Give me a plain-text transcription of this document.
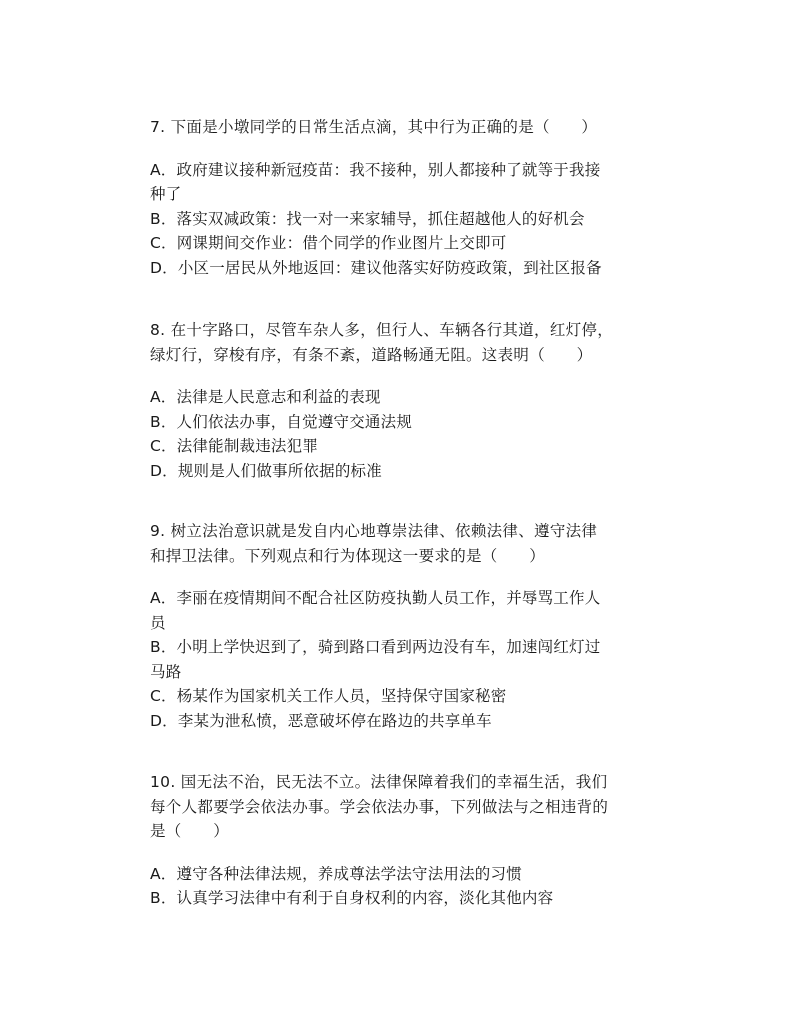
7. 下面是小墩同学的日常生活点滴，其中行为正确的是（　　）
A．政府建议接种新冠疫苗：我不接种，别人都接种了就等于我接
种了
B．落实双减政策：找一对一来家辅导，抓住超越他人的好机会
C．网课期间交作业：借个同学的作业图片上交即可
D．小区一居民从外地返回：建议他落实好防疫政策，到社区报备
8. 在十字路口，尽管车杂人多，但行人、车辆各行其道，红灯停，
绿灯行，穿梭有序，有条不紊，道路畅通无阻。这表明（　　）
A．法律是人民意志和利益的表现
B．人们依法办事，自觉遵守交通法规
C．法律能制裁违法犯罪
D．规则是人们做事所依据的标准
9. 树立法治意识就是发自内心地尊崇法律、依赖法律、遵守法律
和捍卫法律。下列观点和行为体现这一要求的是（　　）
A．李丽在疫情期间不配合社区防疫执勤人员工作，并辱骂工作人
员
B．小明上学快迟到了，骑到路口看到两边没有车，加速闯红灯过
马路
C．杨某作为国家机关工作人员，坚持保守国家秘密
D．李某为泄私愤，恶意破坏停在路边的共享单车
10. 国无法不治，民无法不立。法律保障着我们的幸福生活，我们
每个人都要学会依法办事。学会依法办事，下列做法与之相违背的
是（　　）
A．遵守各种法律法规，养成尊法学法守法用法的习惯
B．认真学习法律中有利于自身权利的内容，淡化其他内容
